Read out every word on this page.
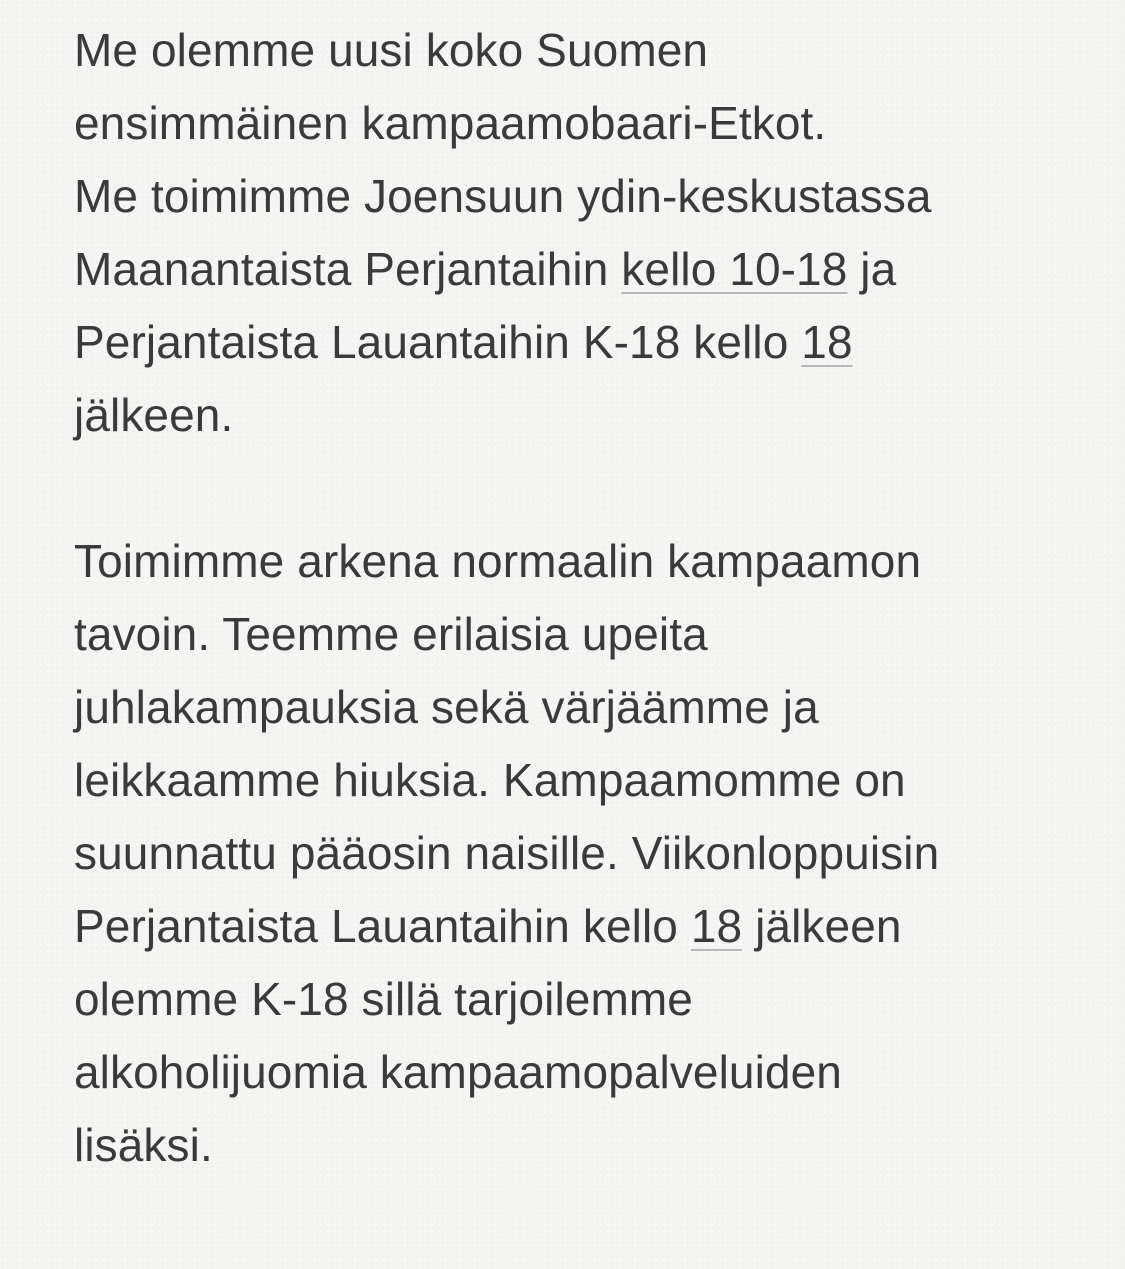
Me olemme uusi koko Suomen
ensimmäinen kampaamobaari-Etkot.
Me toimimme Joensuun ydin-keskustassa
Maanantaista Perjantaihin kello 10-18 ja
Perjantaista Lauantaihin K-18 kello 18
jälkeen.
Toimimme arkena normaalin kampaamon
tavoin. Teemme erilaisia upeita
juhlakampauksia sekä värjäämme ja
leikkaamme hiuksia. Kampaamomme on
suunnattu pääosin naisille. Viikonloppuisin
Perjantaista Lauantaihin kello 18 jälkeen
olemme K-18 sillä tarjoilemme
alkoholijuomia kampaamopalveluiden
lisäksi.
